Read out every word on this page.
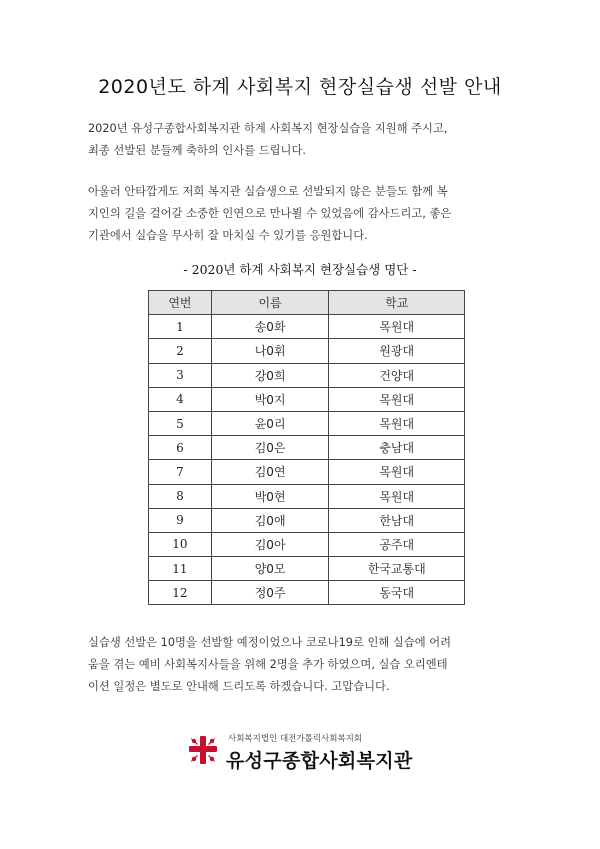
2020년도 하계 사회복지 현장실습생 선발 안내
2020년 유성구종합사회복지관 하계 사회복지 현장실습을 지원해 주시고,
최종 선발된 분들께 축하의 인사를 드립니다.
아울러 안타깝게도 저희 복지관 실습생으로 선발되지 않은 분들도 함께 복
지인의 길을 걸어갈 소중한 인연으로 만나뵐 수 있었음에 감사드리고, 좋은
기관에서 실습을 무사히 잘 마치실 수 있기를 응원합니다.
- 2020년 하계 사회복지 현장실습생 명단 -
연번	이름	학교
1	송0화	목원대
2	나0휘	원광대
3	강0희	건양대
4	박0지	목원대
5	윤0리	목원대
6	김0은	충남대
7	김0연	목원대
8	박0현	목원대
9	김0애	한남대
10	김0아	공주대
11	양0모	한국교통대
12	정0주	동국대
실습생 선발은 10명을 선발할 예정이었으나 코로나19로 인해 실습에 어려
움을 겪는 예비 사회복지사들을 위해 2명을 추가 하였으며, 실습 오리엔테
이션 일정은 별도로 안내해 드리도록 하겠습니다. 고맙습니다.
사회복지법인 대전가톨릭사회복지회
유성구종합사회복지관
